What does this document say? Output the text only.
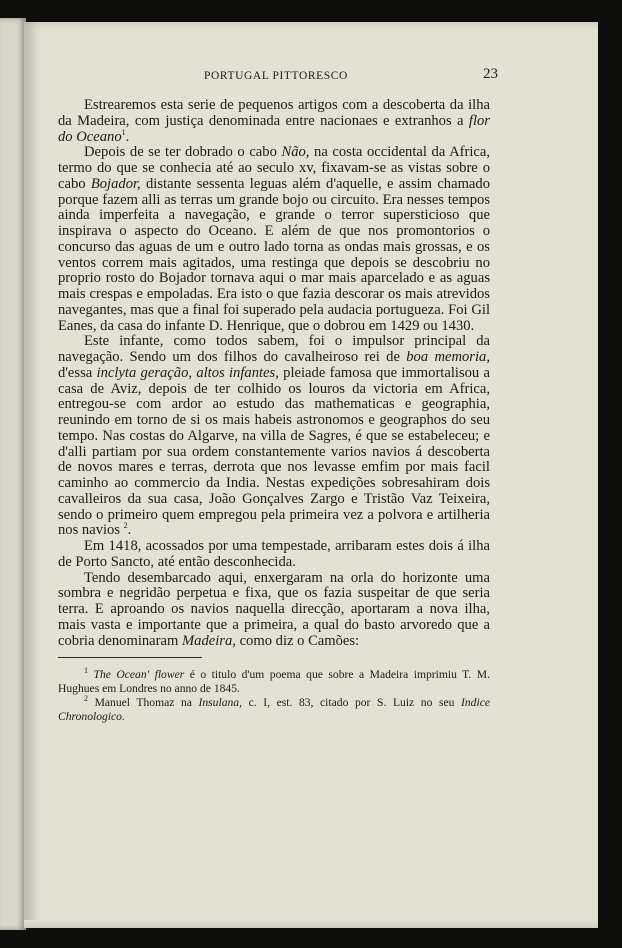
PORTUGAL PITTORESCO	23

Estrearemos esta serie de pequenos artigos com a descoberta da ilha da Madeira, com justiça denominada entre nacionaes e extranhos a flor do Oceano$^1$.

Depois de se ter dobrado o cabo Não, na costa occidental da Africa, termo do que se conhecia até ao seculo xv, fixavam-se as vistas sobre o cabo Bojador, distante sessenta leguas além d'aquelle, e assim chamado porque fazem alli as terras um grande bojo ou circuito. Era nesses tempos ainda imperfeita a navegação, e grande o terror supersticioso que inspirava o aspecto do Oceano. E além de que nos promontorios o concurso das aguas de um e outro lado torna as ondas mais grossas, e os ventos correm mais agitados, uma restinga que depois se descobriu no proprio rosto do Bojador tornava aqui o mar mais aparcelado e as aguas mais crespas e empoladas. Era isto o que fazia descorar os mais atrevidos navegantes, mas que a final foi superado pela audacia portugueza. Foi Gil Eanes, da casa do infante D. Henrique, que o dobrou em 1429 ou 1430.

Este infante, como todos sabem, foi o impulsor principal da navegação. Sendo um dos filhos do cavalheiroso rei de boa memoria, d'essa inclyta geração, altos infantes, pleiade famosa que immortalisou a casa de Aviz, depois de ter colhido os louros da victoria em Africa, entregou-se com ardor ao estudo das mathematicas e geographia, reunindo em torno de si os mais habeis astronomos e geographos do seu tempo. Nas costas do Algarve, na villa de Sagres, é que se estabeleceu; e d'alli partiam por sua ordem constantemente varios navios á descoberta de novos mares e terras, derrota que nos levasse emfim por mais facil caminho ao commercio da India. Nestas expedições sobresahiram dois cavalleiros da sua casa, João Gonçalves Zargo e Tristão Vaz Teixeira, sendo o primeiro quem empregou pela primeira vez a polvora e artilheria nos navios $^2$.

Em 1418, acossados por uma tempestade, arribaram estes dois á ilha de Porto Sancto, até então desconhecida.

Tendo desembarcado aqui, enxergaram na orla do horizonte uma sombra e negridão perpetua e fixa, que os fazia suspeitar de que seria terra. E aproando os navios naquella direcção, aportaram a nova ilha, mais vasta e importante que a primeira, a qual do basto arvoredo que a cobria denominaram Madeira, como diz o Camões:

$^1$ The Ocean' flower é o titulo d'um poema que sobre a Madeira imprimiu T. M. Hughues em Londres no anno de 1845.

$^2$ Manuel Thomaz na Insulana, c. I, est. 83, citado por S. Luiz no seu Indice Chronologico.
